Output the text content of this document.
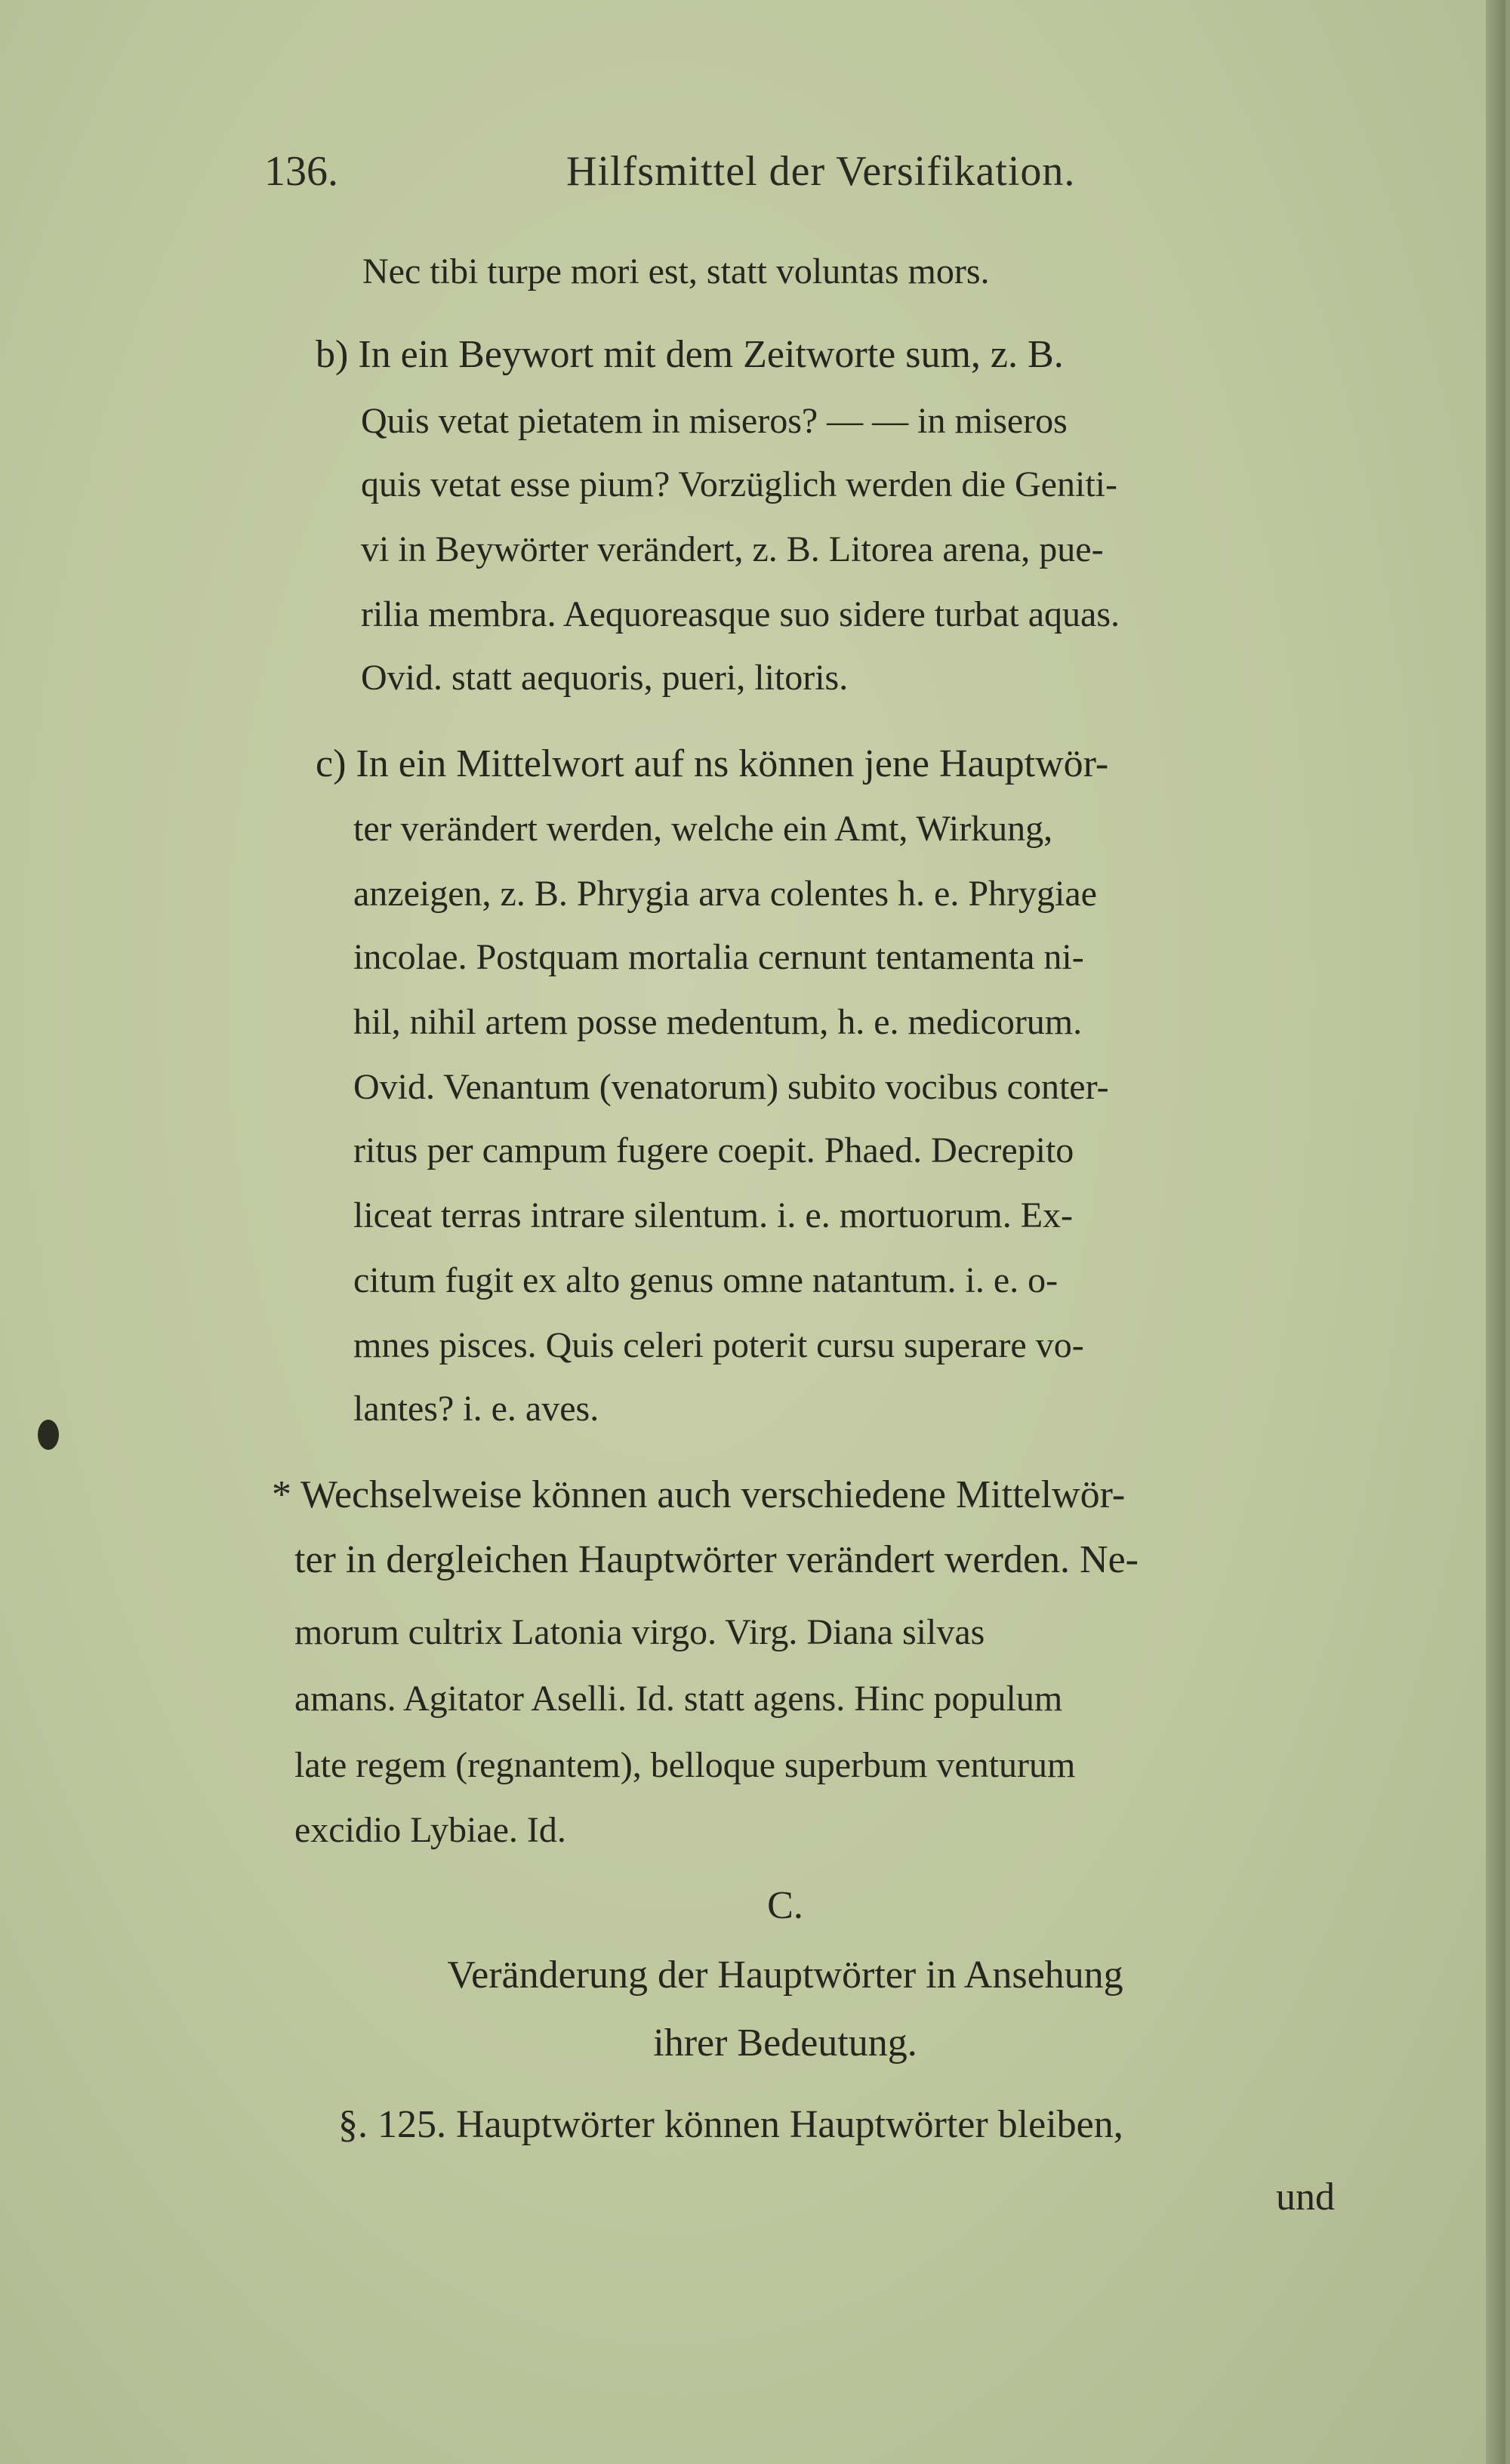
136.	Hilfsmittel der Versifikation.
Nec tibi turpe mori est, statt voluntas mors.
b) In ein Beywort mit dem Zeitworte sum, z. B.
Quis vetat pietatem in miseros? — — in miseros
quis vetat esse pium? Vorzüglich werden die Geniti-
vi in Beywörter verändert, z. B. Litorea arena, pue-
rilia membra. Aequoreasque suo sidere turbat aquas.
Ovid. statt aequoris, pueri, litoris.
c) In ein Mittelwort auf ns können jene Hauptwör-
ter verändert werden, welche ein Amt, Wirkung,
anzeigen, z. B. Phrygia arva colentes h. e. Phrygiae
incolae. Postquam mortalia cernunt tentamenta ni-
hil, nihil artem posse medentum, h. e. medicorum.
Ovid. Venantum (venatorum) subito vocibus conter-
ritus per campum fugere coepit. Phaed. Decrepito
liceat terras intrare silentum. i. e. mortuorum. Ex-
citum fugit ex alto genus omne natantum. i. e. o-
mnes pisces. Quis celeri poterit cursu superare vo-
lantes? i. e. aves.
* Wechselweise können auch verschiedene Mittelwör-
ter in dergleichen Hauptwörter verändert werden. Ne-
morum cultrix Latonia virgo. Virg. Diana silvas
amans. Agitator Aselli. Id. statt agens. Hinc populum
late regem (regnantem), belloque superbum venturum
excidio Lybiae. Id.
C.
Veränderung der Hauptwörter in Ansehung
ihrer Bedeutung.
§. 125. Hauptwörter können Hauptwörter bleiben,
und
